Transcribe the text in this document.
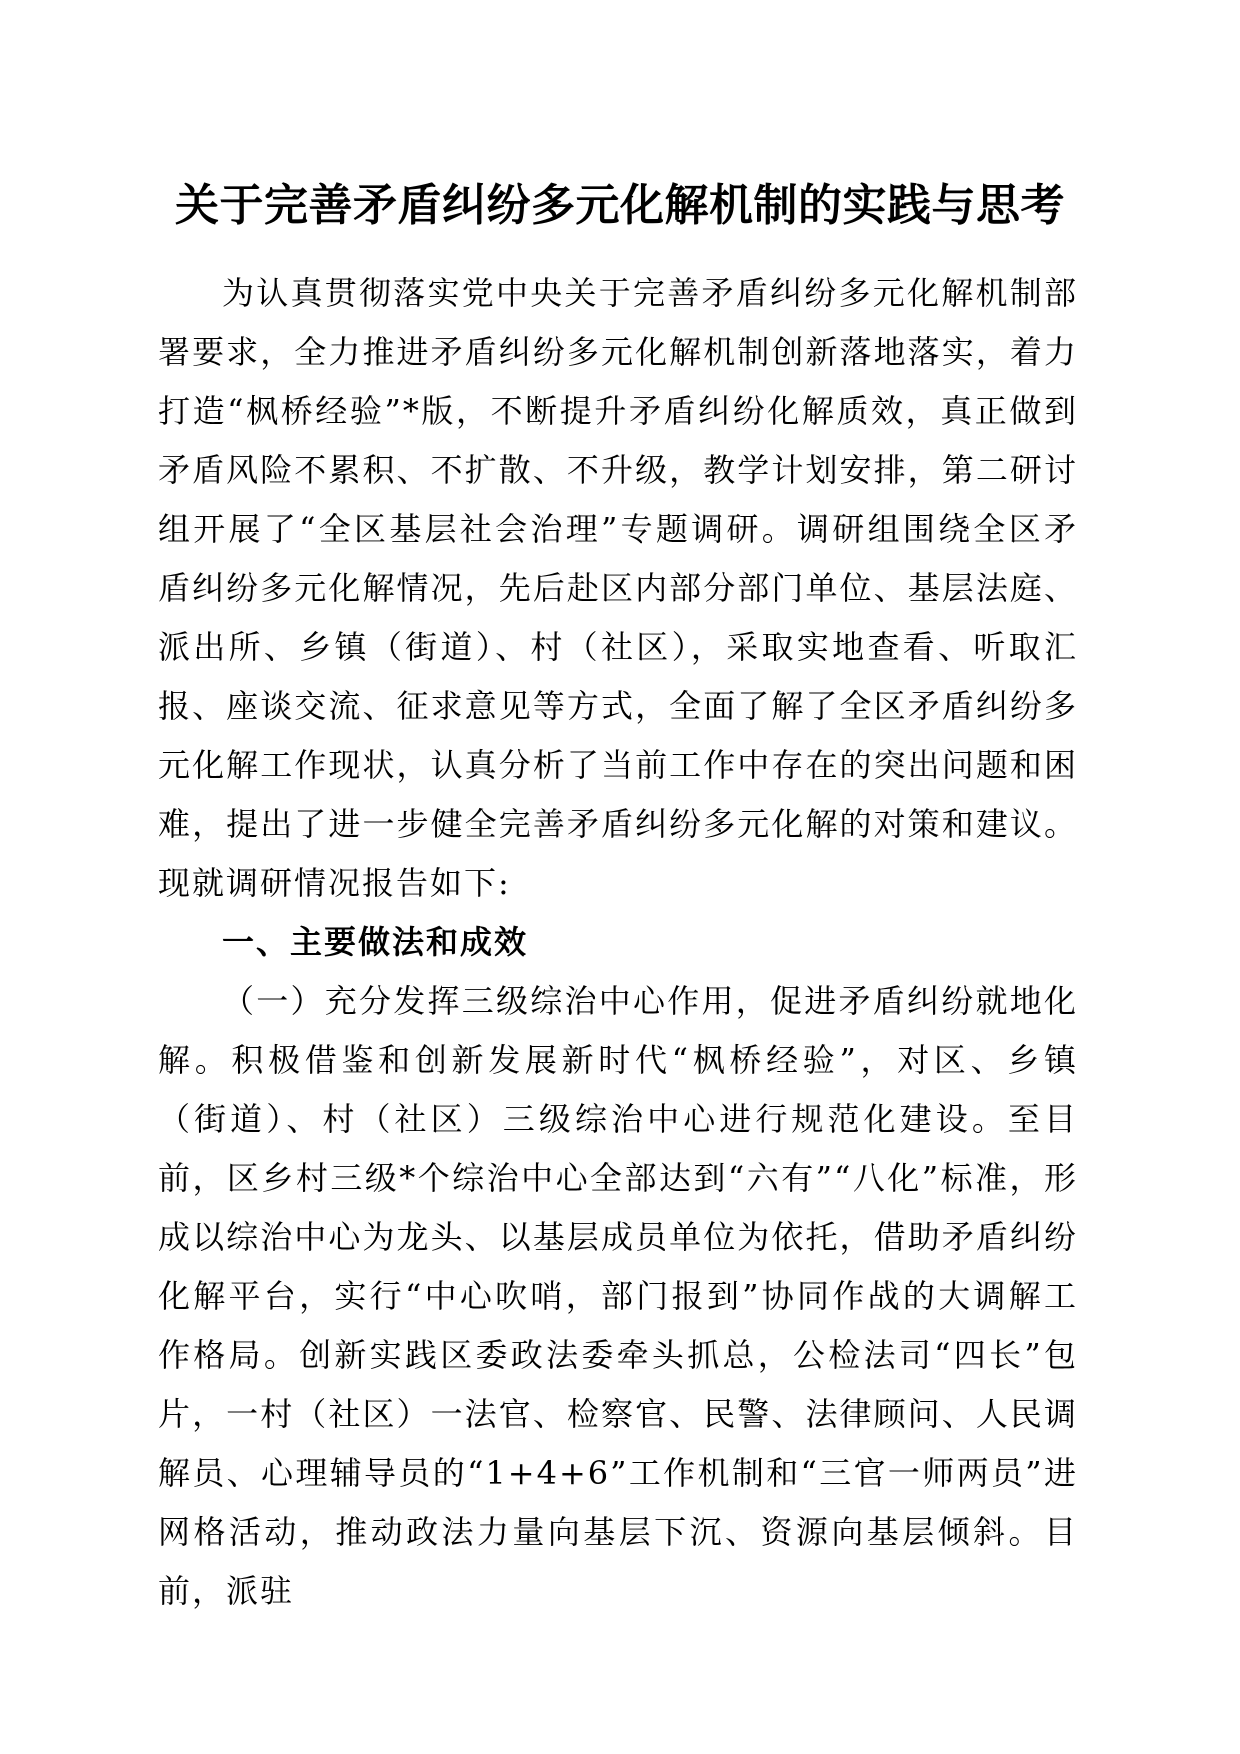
关于完善矛盾纠纷多元化解机制的实践与思考

为认真贯彻落实党中央关于完善矛盾纠纷多元化解机制部署要求，全力推进矛盾纠纷多元化解机制创新落地落实，着力打造“枫桥经验”*版，不断提升矛盾纠纷化解质效，真正做到矛盾风险不累积、不扩散、不升级，教学计划安排，第二研讨组开展了“全区基层社会治理”专题调研。调研组围绕全区矛盾纠纷多元化解情况，先后赴区内部分部门单位、基层法庭、派出所、乡镇（街道）、村（社区），采取实地查看、听取汇报、座谈交流、征求意见等方式，全面了解了全区矛盾纠纷多元化解工作现状，认真分析了当前工作中存在的突出问题和困难，提出了进一步健全完善矛盾纠纷多元化解的对策和建议。现就调研情况报告如下:

一、主要做法和成效

（一）充分发挥三级综治中心作用，促进矛盾纠纷就地化解。积极借鉴和创新发展新时代“枫桥经验”，对区、乡镇（街道）、村（社区）三级综治中心进行规范化建设。至目前，区乡村三级*个综治中心全部达到“六有”“八化”标准，形成以综治中心为龙头、以基层成员单位为依托，借助矛盾纠纷化解平台，实行“中心吹哨，部门报到”协同作战的大调解工作格局。创新实践区委政法委牵头抓总，公检法司“四长”包片，一村（社区）一法官、检察官、民警、法律顾问、人民调解员、心理辅导员的“1+4+6”工作机制和“三官一师两员”进网格活动，推动政法力量向基层下沉、资源向基层倾斜。目前，派驻
